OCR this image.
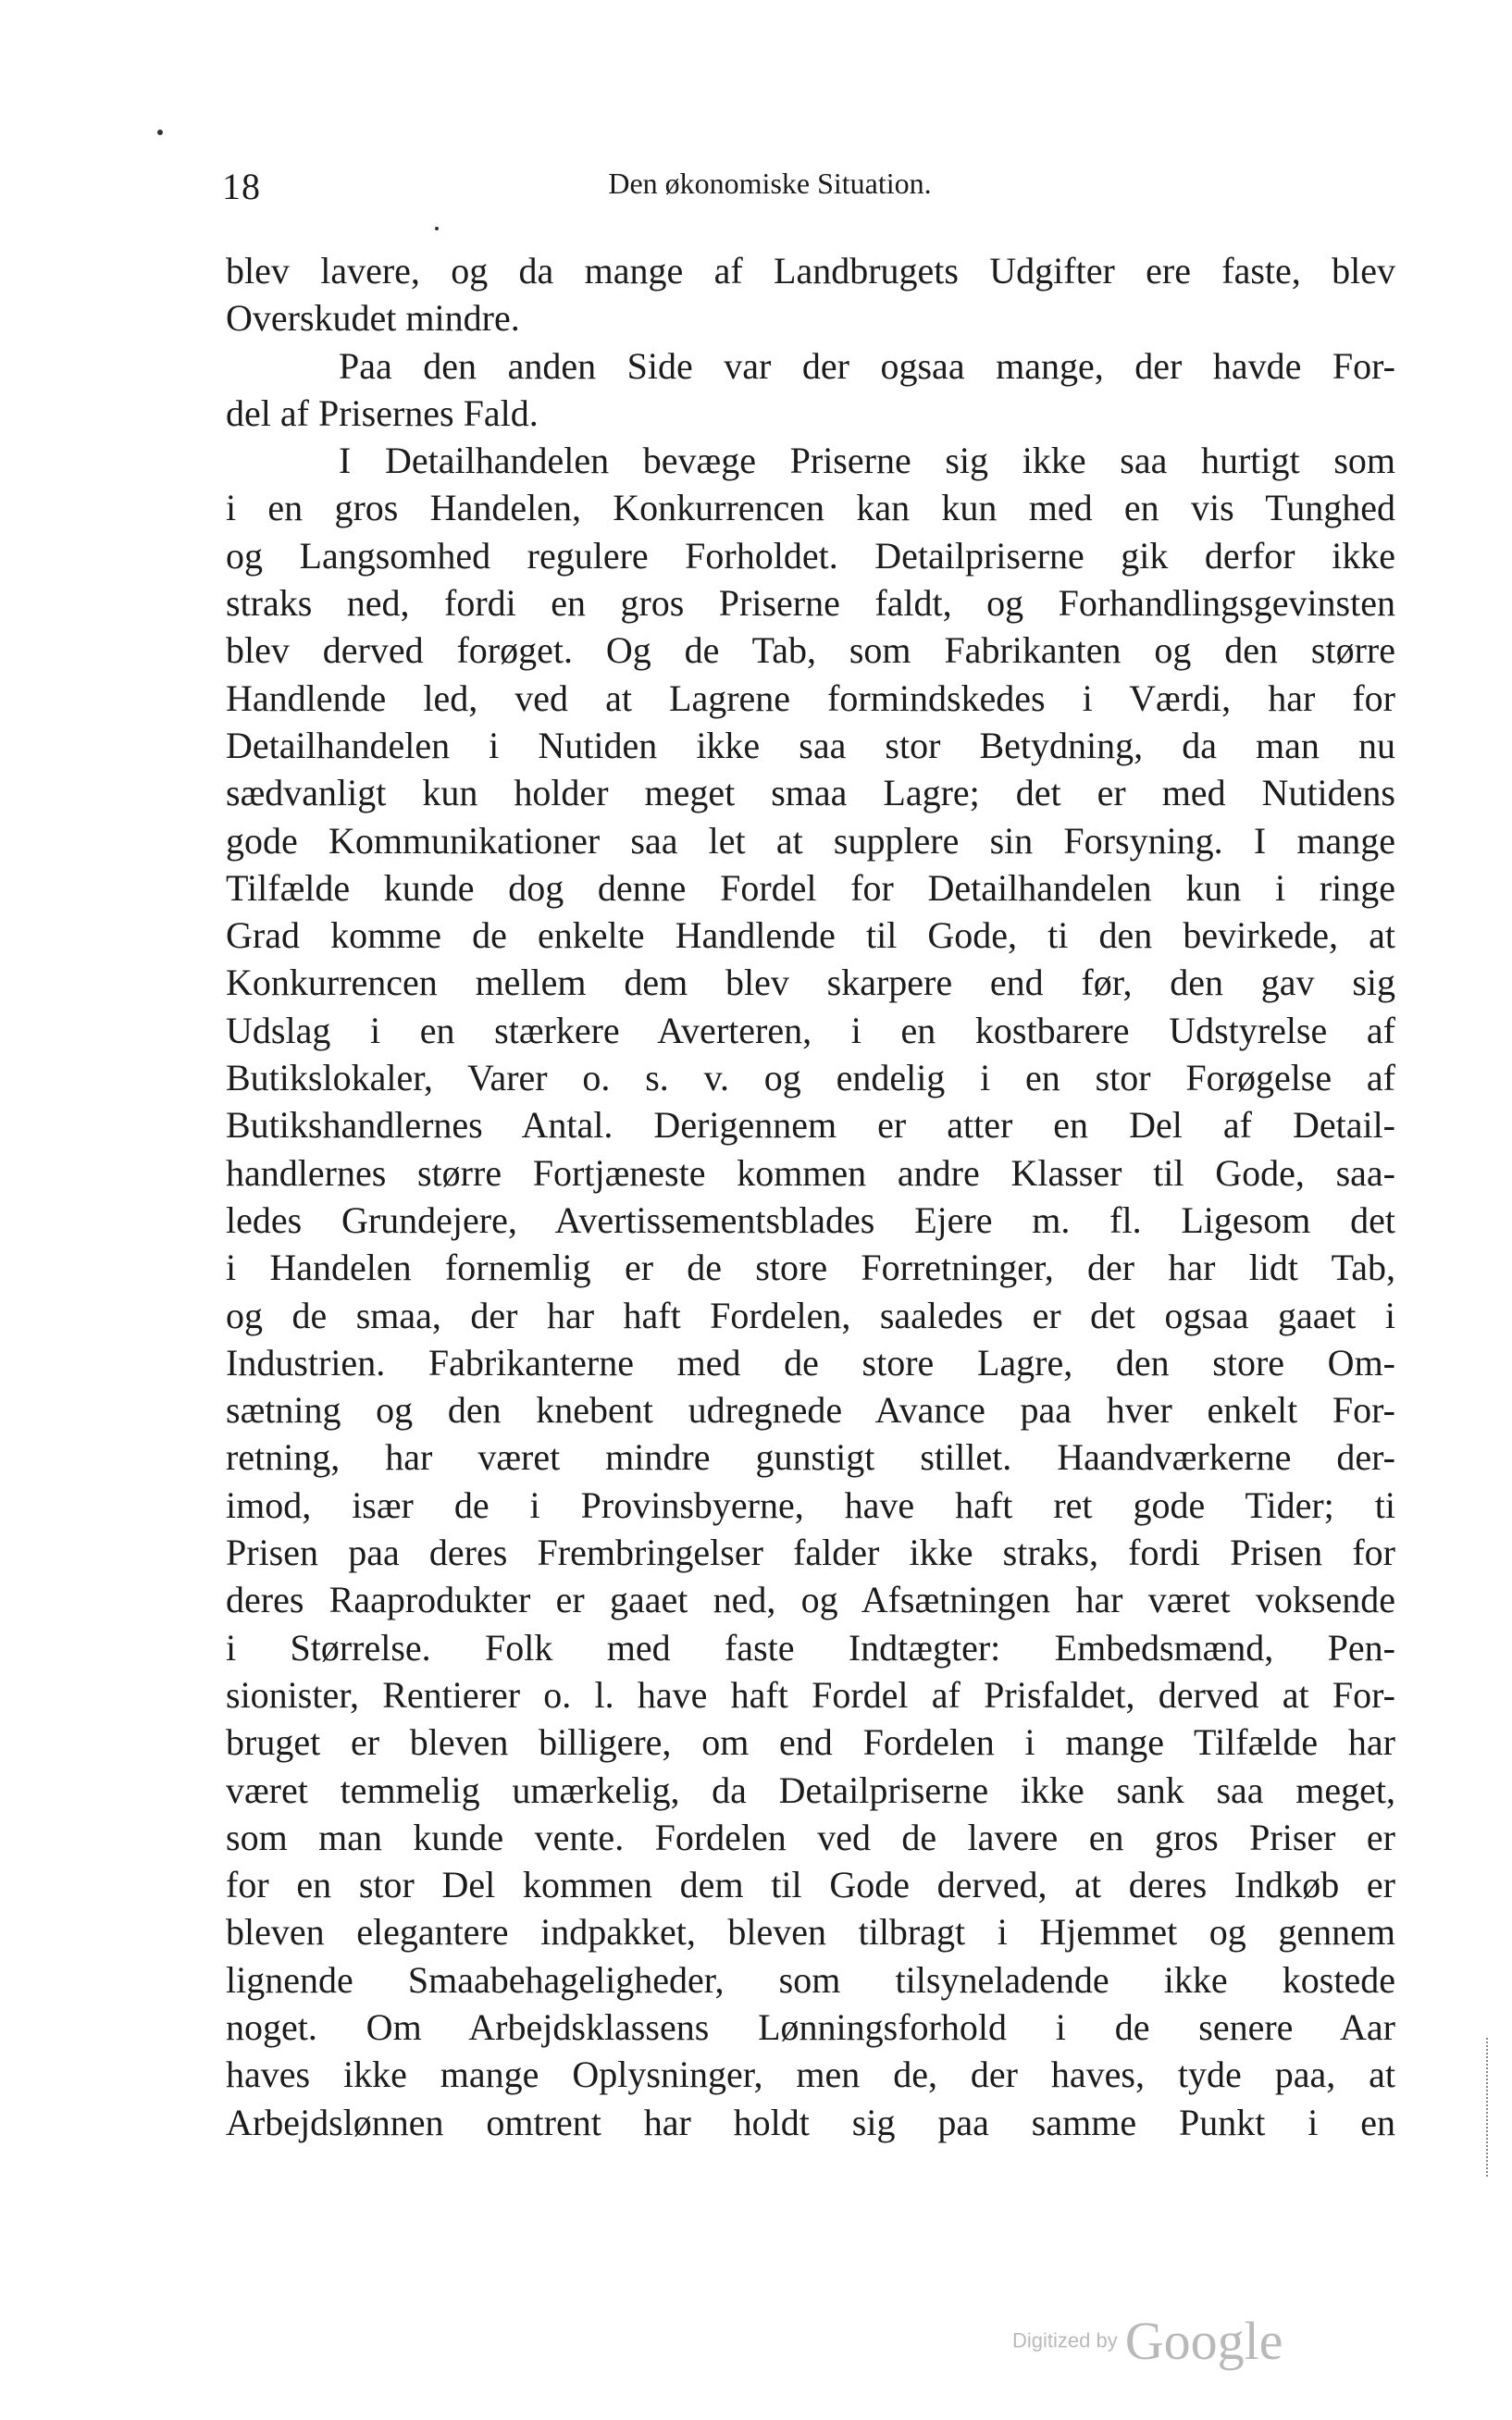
18	Den økonomiske Situation.
blev lavere, og da mange af Landbrugets Udgifter ere faste, blev
Overskudet mindre.
Paa den anden Side var der ogsaa mange, der havde For-
del af Prisernes Fald.
I Detailhandelen bevæge Priserne sig ikke saa hurtigt som
i en gros Handelen, Konkurrencen kan kun med en vis Tunghed
og Langsomhed regulere Forholdet. Detailpriserne gik derfor ikke
straks ned, fordi en gros Priserne faldt, og Forhandlingsgevinsten
blev derved forøget. Og de Tab, som Fabrikanten og den større
Handlende led, ved at Lagrene formindskedes i Værdi, har for
Detailhandelen i Nutiden ikke saa stor Betydning, da man nu
sædvanligt kun holder meget smaa Lagre; det er med Nutidens
gode Kommunikationer saa let at supplere sin Forsyning. I mange
Tilfælde kunde dog denne Fordel for Detailhandelen kun i ringe
Grad komme de enkelte Handlende til Gode, ti den bevirkede, at
Konkurrencen mellem dem blev skarpere end før, den gav sig
Udslag i en stærkere Averteren, i en kostbarere Udstyrelse af
Butikslokaler, Varer o. s. v. og endelig i en stor Forøgelse af
Butikshandlernes Antal. Derigennem er atter en Del af Detail-
handlernes større Fortjæneste kommen andre Klasser til Gode, saa-
ledes Grundejere, Avertissementsblades Ejere m. fl. Ligesom det
i Handelen fornemlig er de store Forretninger, der har lidt Tab,
og de smaa, der har haft Fordelen, saaledes er det ogsaa gaaet i
Industrien. Fabrikanterne med de store Lagre, den store Om-
sætning og den knebent udregnede Avance paa hver enkelt For-
retning, har været mindre gunstigt stillet. Haandværkerne der-
imod, især de i Provinsbyerne, have haft ret gode Tider; ti
Prisen paa deres Frembringelser falder ikke straks, fordi Prisen for
deres Raaprodukter er gaaet ned, og Afsætningen har været voksende
i Størrelse. Folk med faste Indtægter: Embedsmænd, Pen-
sionister, Rentierer o. l. have haft Fordel af Prisfaldet, derved at For-
bruget er bleven billigere, om end Fordelen i mange Tilfælde har
været temmelig umærkelig, da Detailpriserne ikke sank saa meget,
som man kunde vente. Fordelen ved de lavere en gros Priser er
for en stor Del kommen dem til Gode derved, at deres Indkøb er
bleven elegantere indpakket, bleven tilbragt i Hjemmet og gennem
lignende Smaabehageligheder, som tilsyneladende ikke kostede
noget. Om Arbejdsklassens Lønningsforhold i de senere Aar
haves ikke mange Oplysninger, men de, der haves, tyde paa, at
Arbejdslønnen omtrent har holdt sig paa samme Punkt i en
Digitized by Google
